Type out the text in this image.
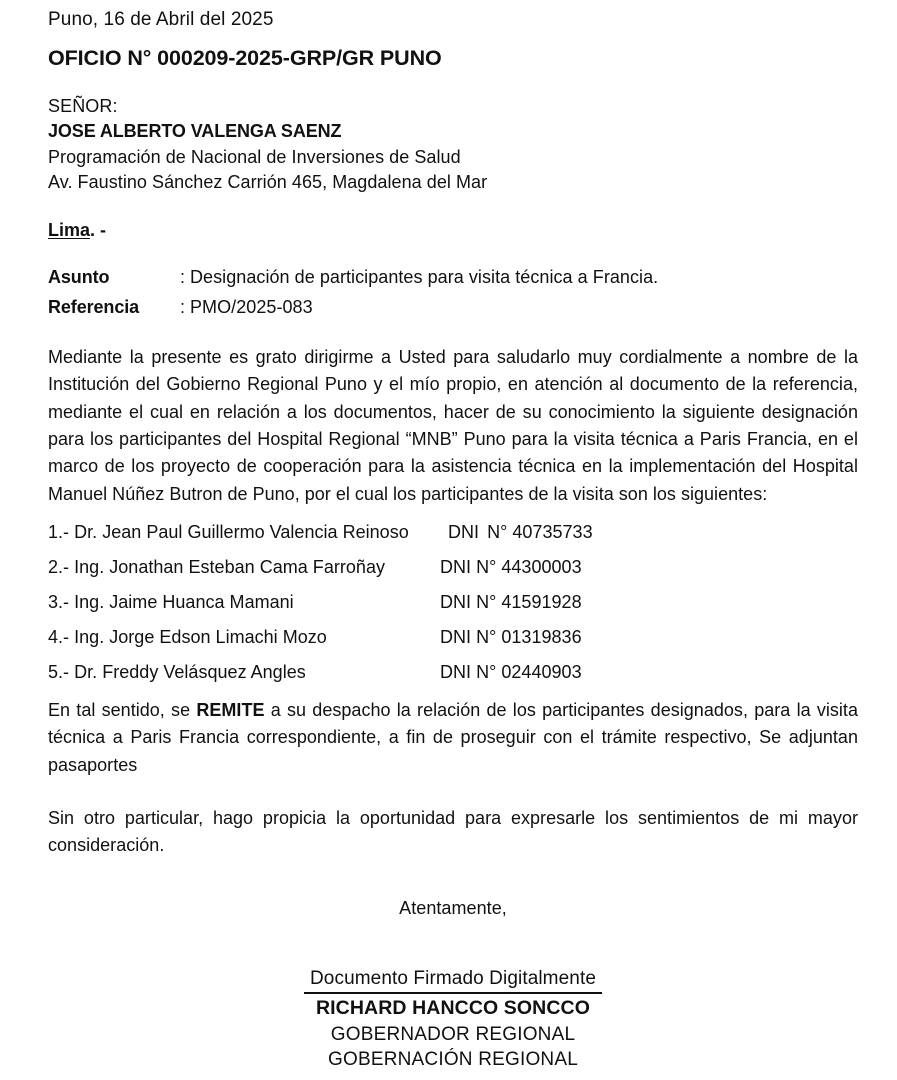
Puno, 16 de Abril del 2025
OFICIO N° 000209-2025-GRP/GR PUNO
SEÑOR:
JOSE ALBERTO VALENGA SAENZ
Programación de Nacional de Inversiones de Salud
Av. Faustino Sánchez Carrión 465, Magdalena del Mar
Lima. -
Asunto	: Designación de participantes para visita técnica a Francia.
Referencia	: PMO/2025-083
Mediante la presente es grato dirigirme a Usted para saludarlo muy cordialmente a nombre de la Institución del Gobierno Regional Puno y el mío propio, en atención al documento de la referencia, mediante el cual en relación a los documentos, hacer de su conocimiento la siguiente designación para los participantes del Hospital Regional “MNB” Puno para la visita técnica a Paris Francia, en el marco de los proyecto de cooperación para la asistencia técnica en la implementación del Hospital Manuel Núñez Butron de Puno, por el cual los participantes de la visita son los siguientes:
1.- Dr. Jean Paul Guillermo Valencia Reinoso	DNI N° 40735733
2.- Ing. Jonathan Esteban Cama Farroñay	DNI N° 44300003
3.- Ing. Jaime Huanca Mamani	DNI N° 41591928
4.- Ing. Jorge Edson Limachi Mozo	DNI N° 01319836
5.- Dr. Freddy Velásquez Angles	DNI N° 02440903
En tal sentido, se REMITE a su despacho la relación de los participantes designados, para la visita técnica a Paris Francia correspondiente, a fin de proseguir con el trámite respectivo, Se adjuntan pasaportes
Sin otro particular, hago propicia la oportunidad para expresarle los sentimientos de mi mayor consideración.
Atentamente,
Documento Firmado Digitalmente
RICHARD HANCCO SONCCO
GOBERNADOR REGIONAL
GOBERNACIÓN REGIONAL
